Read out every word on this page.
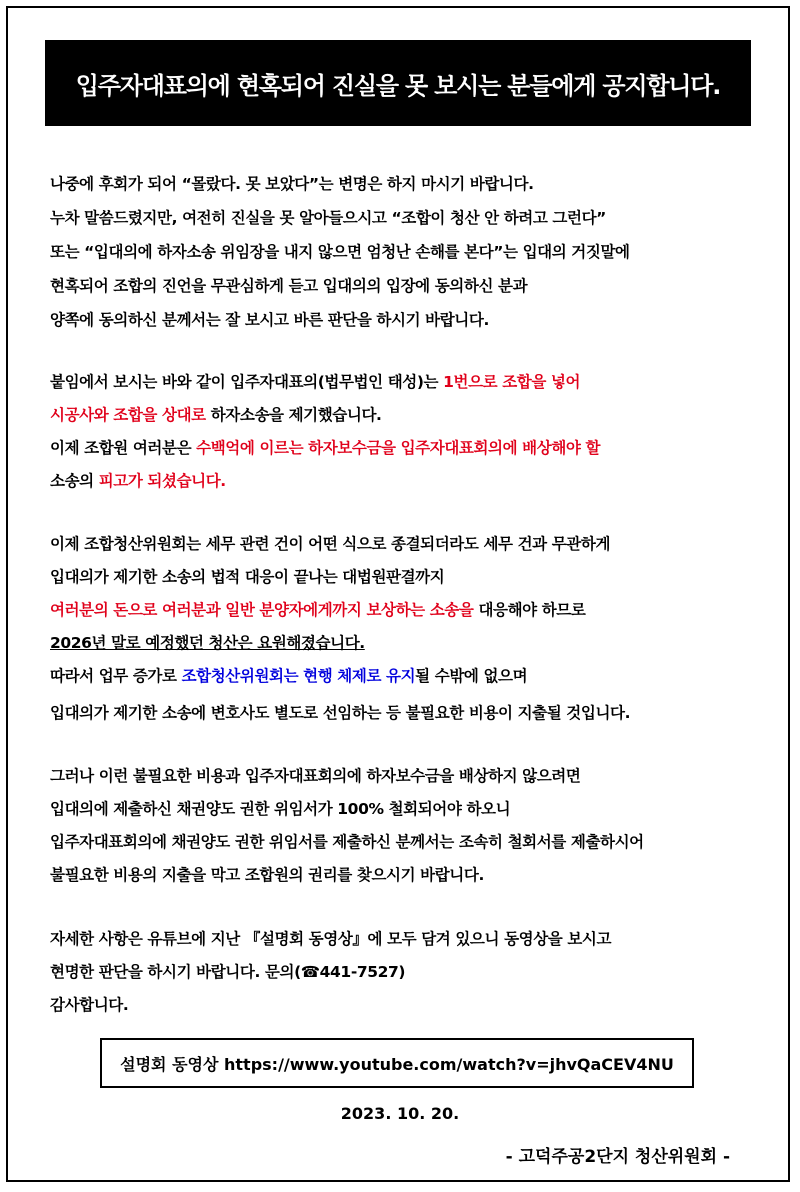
입주자대표의에 현혹되어 진실을 못 보시는 분들에게 공지합니다.
나중에 후회가 되어 “몰랐다. 못 보았다”는 변명은 하지 마시기 바랍니다.
누차 말씀드렸지만, 여전히 진실을 못 알아들으시고 “조합이 청산 안 하려고 그런다”
또는 “입대의에 하자소송 위임장을 내지 않으면 엄청난 손해를 본다”는 입대의 거짓말에
현혹되어 조합의 진언을 무관심하게 듣고 입대의의 입장에 동의하신 분과
양쪽에 동의하신 분께서는 잘 보시고 바른 판단을 하시기 바랍니다.
붙임에서 보시는 바와 같이 입주자대표의(법무법인 태성)는 1번으로 조합을 넣어
시공사와 조합을 상대로 하자소송을 제기했습니다.
이제 조합원 여러분은 수백억에 이르는 하자보수금을 입주자대표회의에 배상해야 할
소송의 피고가 되셨습니다.
이제 조합청산위원회는 세무 관련 건이 어떤 식으로 종결되더라도 세무 건과 무관하게
입대의가 제기한 소송의 법적 대응이 끝나는 대법원판결까지
여러분의 돈으로 여러분과 일반 분양자에게까지 보상하는 소송을 대응해야 하므로
2026년 말로 예정했던 청산은 요원해졌습니다.
따라서 업무 증가로 조합청산위원회는 현행 체제로 유지될 수밖에 없으며
입대의가 제기한 소송에 변호사도 별도로 선임하는 등 불필요한 비용이 지출될 것입니다.
그러나 이런 불필요한 비용과 입주자대표회의에 하자보수금을 배상하지 않으려면
입대의에 제출하신 채권양도 권한 위임서가 100% 철회되어야 하오니
입주자대표회의에 채권양도 권한 위임서를 제출하신 분께서는 조속히 철회서를 제출하시어
불필요한 비용의 지출을 막고 조합원의 권리를 찾으시기 바랍니다.
자세한 사항은 유튜브에 지난 『설명회 동영상』에 모두 담겨 있으니 동영상을 보시고
현명한 판단을 하시기 바랍니다. 문의(☎441-7527)
감사합니다.
설명회 동영상 https://www.youtube.com/watch?v=jhvQaCEV4NU
2023. 10. 20.
- 고덕주공2단지 청산위원회 -
